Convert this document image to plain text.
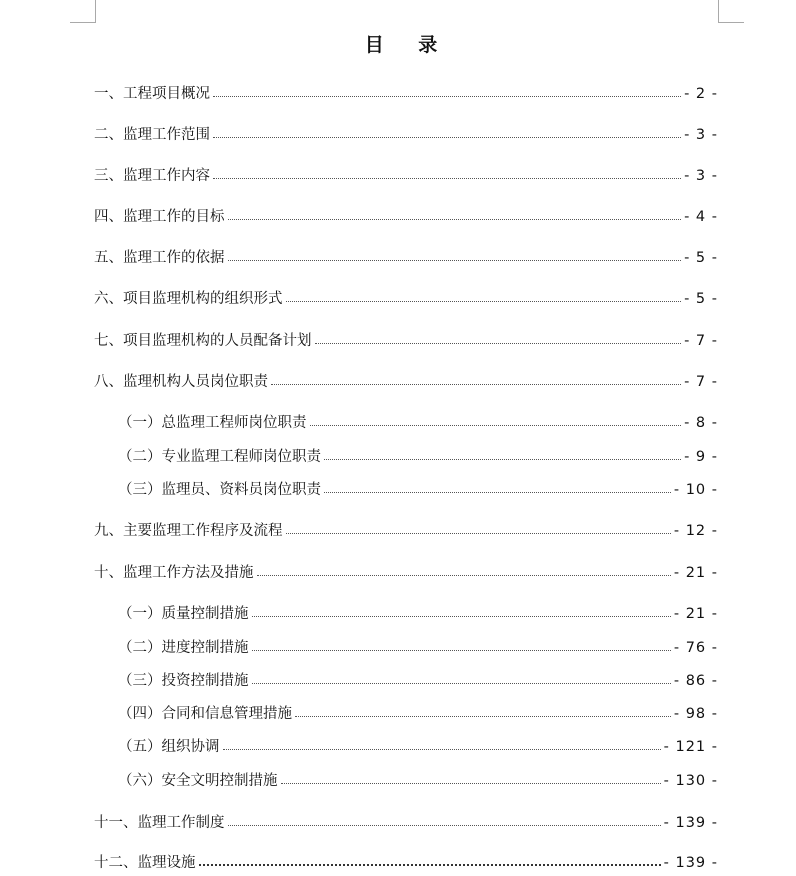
目 录
一、工程项目概况	- 2 -
二、监理工作范围	- 3 -
三、监理工作内容	- 3 -
四、监理工作的目标	- 4 -
五、监理工作的依据	- 5 -
六、项目监理机构的组织形式	- 5 -
七、项目监理机构的人员配备计划	- 7 -
八、监理机构人员岗位职责	- 7 -
（一）总监理工程师岗位职责	- 8 -
（二）专业监理工程师岗位职责	- 9 -
（三）监理员、资料员岗位职责	- 10 -
九、主要监理工作程序及流程	- 12 -
十、监理工作方法及措施	- 21 -
（一）质量控制措施	- 21 -
（二）进度控制措施	- 76 -
（三）投资控制措施	- 86 -
（四）合同和信息管理措施	- 98 -
（五）组织协调	- 121 -
（六）安全文明控制措施	- 130 -
十一、监理工作制度	- 139 -
十二、监理设施	- 139 -
